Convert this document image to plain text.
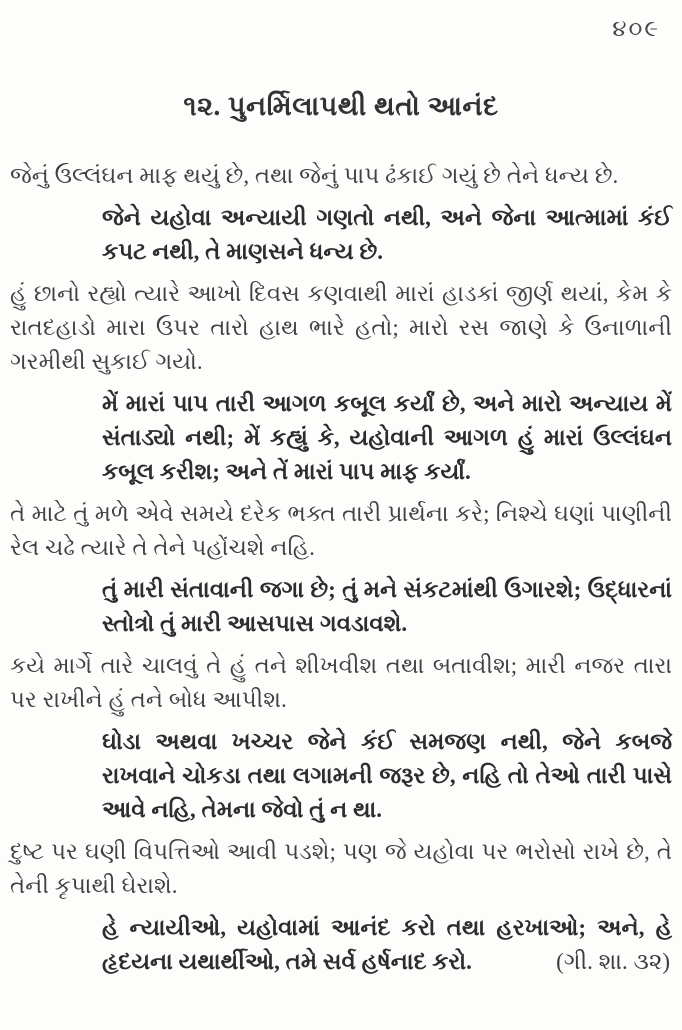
૪૦૯
૧૨. પુનર્મિલાપથી થતો આનંદ

જેનું ઉલ્લંઘન માફ થયું છે, તથા જેનું પાપ ઢંકાઈ ગયું છે તેને ધન્ય છે.

જેને યહોવા અન્યાયી ગણતો નથી, અને જેના આત્મામાં કંઈ કપટ નથી, તે માણસને ધન્ય છે.

હું છાનો રહ્યો ત્યારે આખો દિવસ કણવાથી મારાં હાડકાં જીર્ણ થયાં, કેમ કે રાતદહાડો મારા ઉપર તારો હાથ ભારે હતો; મારો રસ જાણે કે ઉનાળાની ગરમીથી સુકાઈ ગયો.

મેં મારાં પાપ તારી આગળ કબૂલ કર્યાં છે, અને મારો અન્યાય મેં સંતાડ્યો નથી; મેં કહ્યું કે, યહોવાની આગળ હું મારાં ઉલ્લંઘન કબૂલ કરીશ; અને તેં મારાં પાપ માફ કર્યાં.

તે માટે તું મળે એવે સમયે દરેક ભક્ત તારી પ્રાર્થના કરે; નિશ્ચે ઘણાં પાણીની રેલ ચઢે ત્યારે તે તેને પહોંચશે નહિ.

તું મારી સંતાવાની જગા છે; તું મને સંકટમાંથી ઉગારશે; ઉદ્ધારનાં સ્તોત્રો તું મારી આસપાસ ગવડાવશે.

કયે માર્ગે તારે ચાલવું તે હું તને શીખવીશ તથા બતાવીશ; મારી નજર તારા પર રાખીને હું તને બોધ આપીશ.

ઘોડા અથવા ખચ્ચર જેને કંઈ સમજણ નથી, જેને કબજે રાખવાને ચોકડા તથા લગામની જરૂર છે, નહિ તો તેઓ તારી પાસે આવે નહિ, તેમના જેવો તું ન થા.

દુષ્ટ પર ઘણી વિપત્તિઓ આવી પડશે; પણ જે યહોવા પર ભરોસો રાખે છે, તે તેની કૃપાથી ઘેરાશે.

હે ન્યાયીઓ, યહોવામાં આનંદ કરો તથા હરખાઓ; અને, હે હૃદયના યથાર્થીઓ, તમે સર્વ હર્ષનાદ કરો.	(ગી. શા. ૩૨)
